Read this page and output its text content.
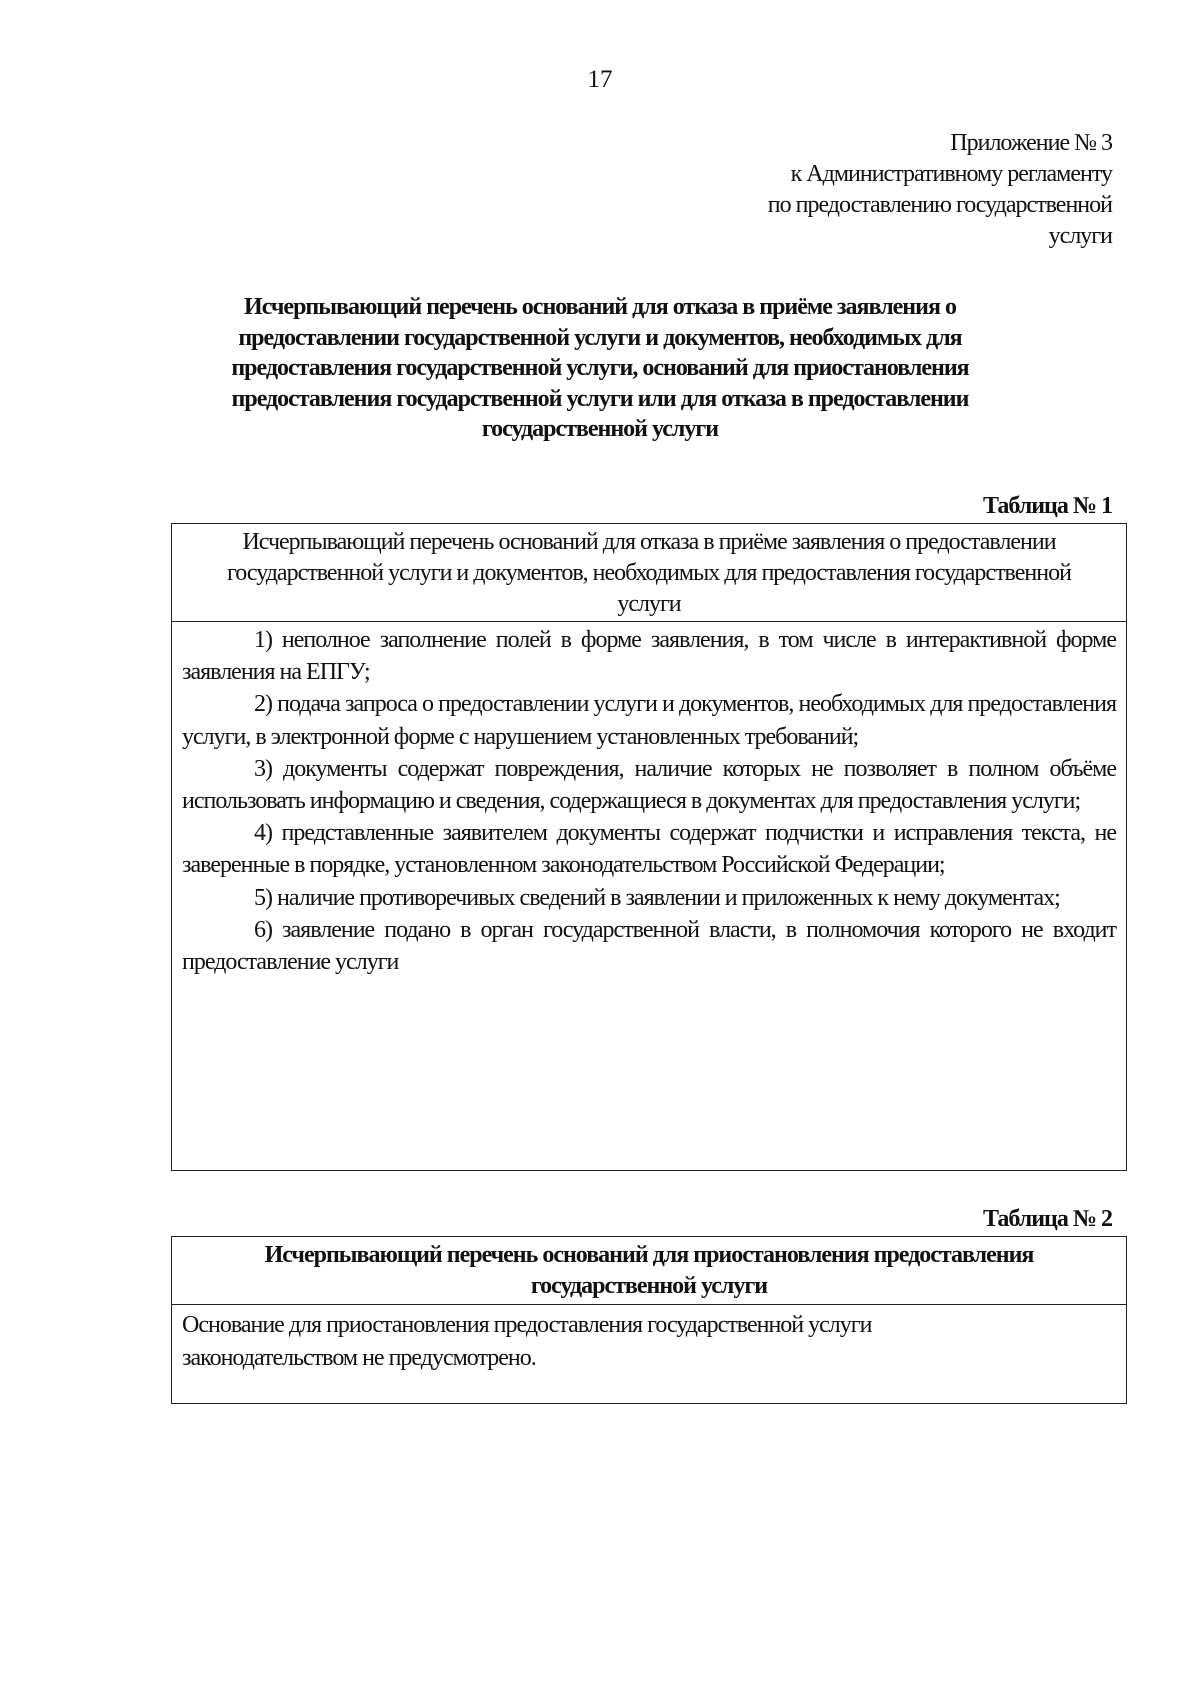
17
Приложение № 3
к Административному регламенту
по предоставлению государственной
услуги
Исчерпывающий перечень оснований для отказа в приёме заявления о
предоставлении государственной услуги и документов, необходимых для
предоставления государственной услуги, оснований для приостановления
предоставления государственной услуги или для отказа в предоставлении
государственной услуги
Таблица № 1
Исчерпывающий перечень оснований для отказа в приёме заявления о предоставлении
государственной услуги и документов, необходимых для предоставления государственной
услуги

1) неполное заполнение полей в форме заявления, в том числе в интерактивной форме заявления на ЕПГУ;

2) подача запроса о предоставлении услуги и документов, необходимых для предоставления услуги, в электронной форме с нарушением установленных требований;

3) документы содержат повреждения, наличие которых не позволяет в полном объёме использовать информацию и сведения, содержащиеся в документах для предоставления услуги;

4) представленные заявителем документы содержат подчистки и исправления текста, не заверенные в порядке, установленном законодательством Российской Федерации;

5) наличие противоречивых сведений в заявлении и приложенных к нему документах;

6) заявление подано в орган государственной власти, в полномочия которого не входит предоставление услуги

Таблица № 2
Исчерпывающий перечень оснований для приостановления предоставления
государственной услуги
Основание для приостановления предоставления государственной услуги законодательством не предусмотрено.
